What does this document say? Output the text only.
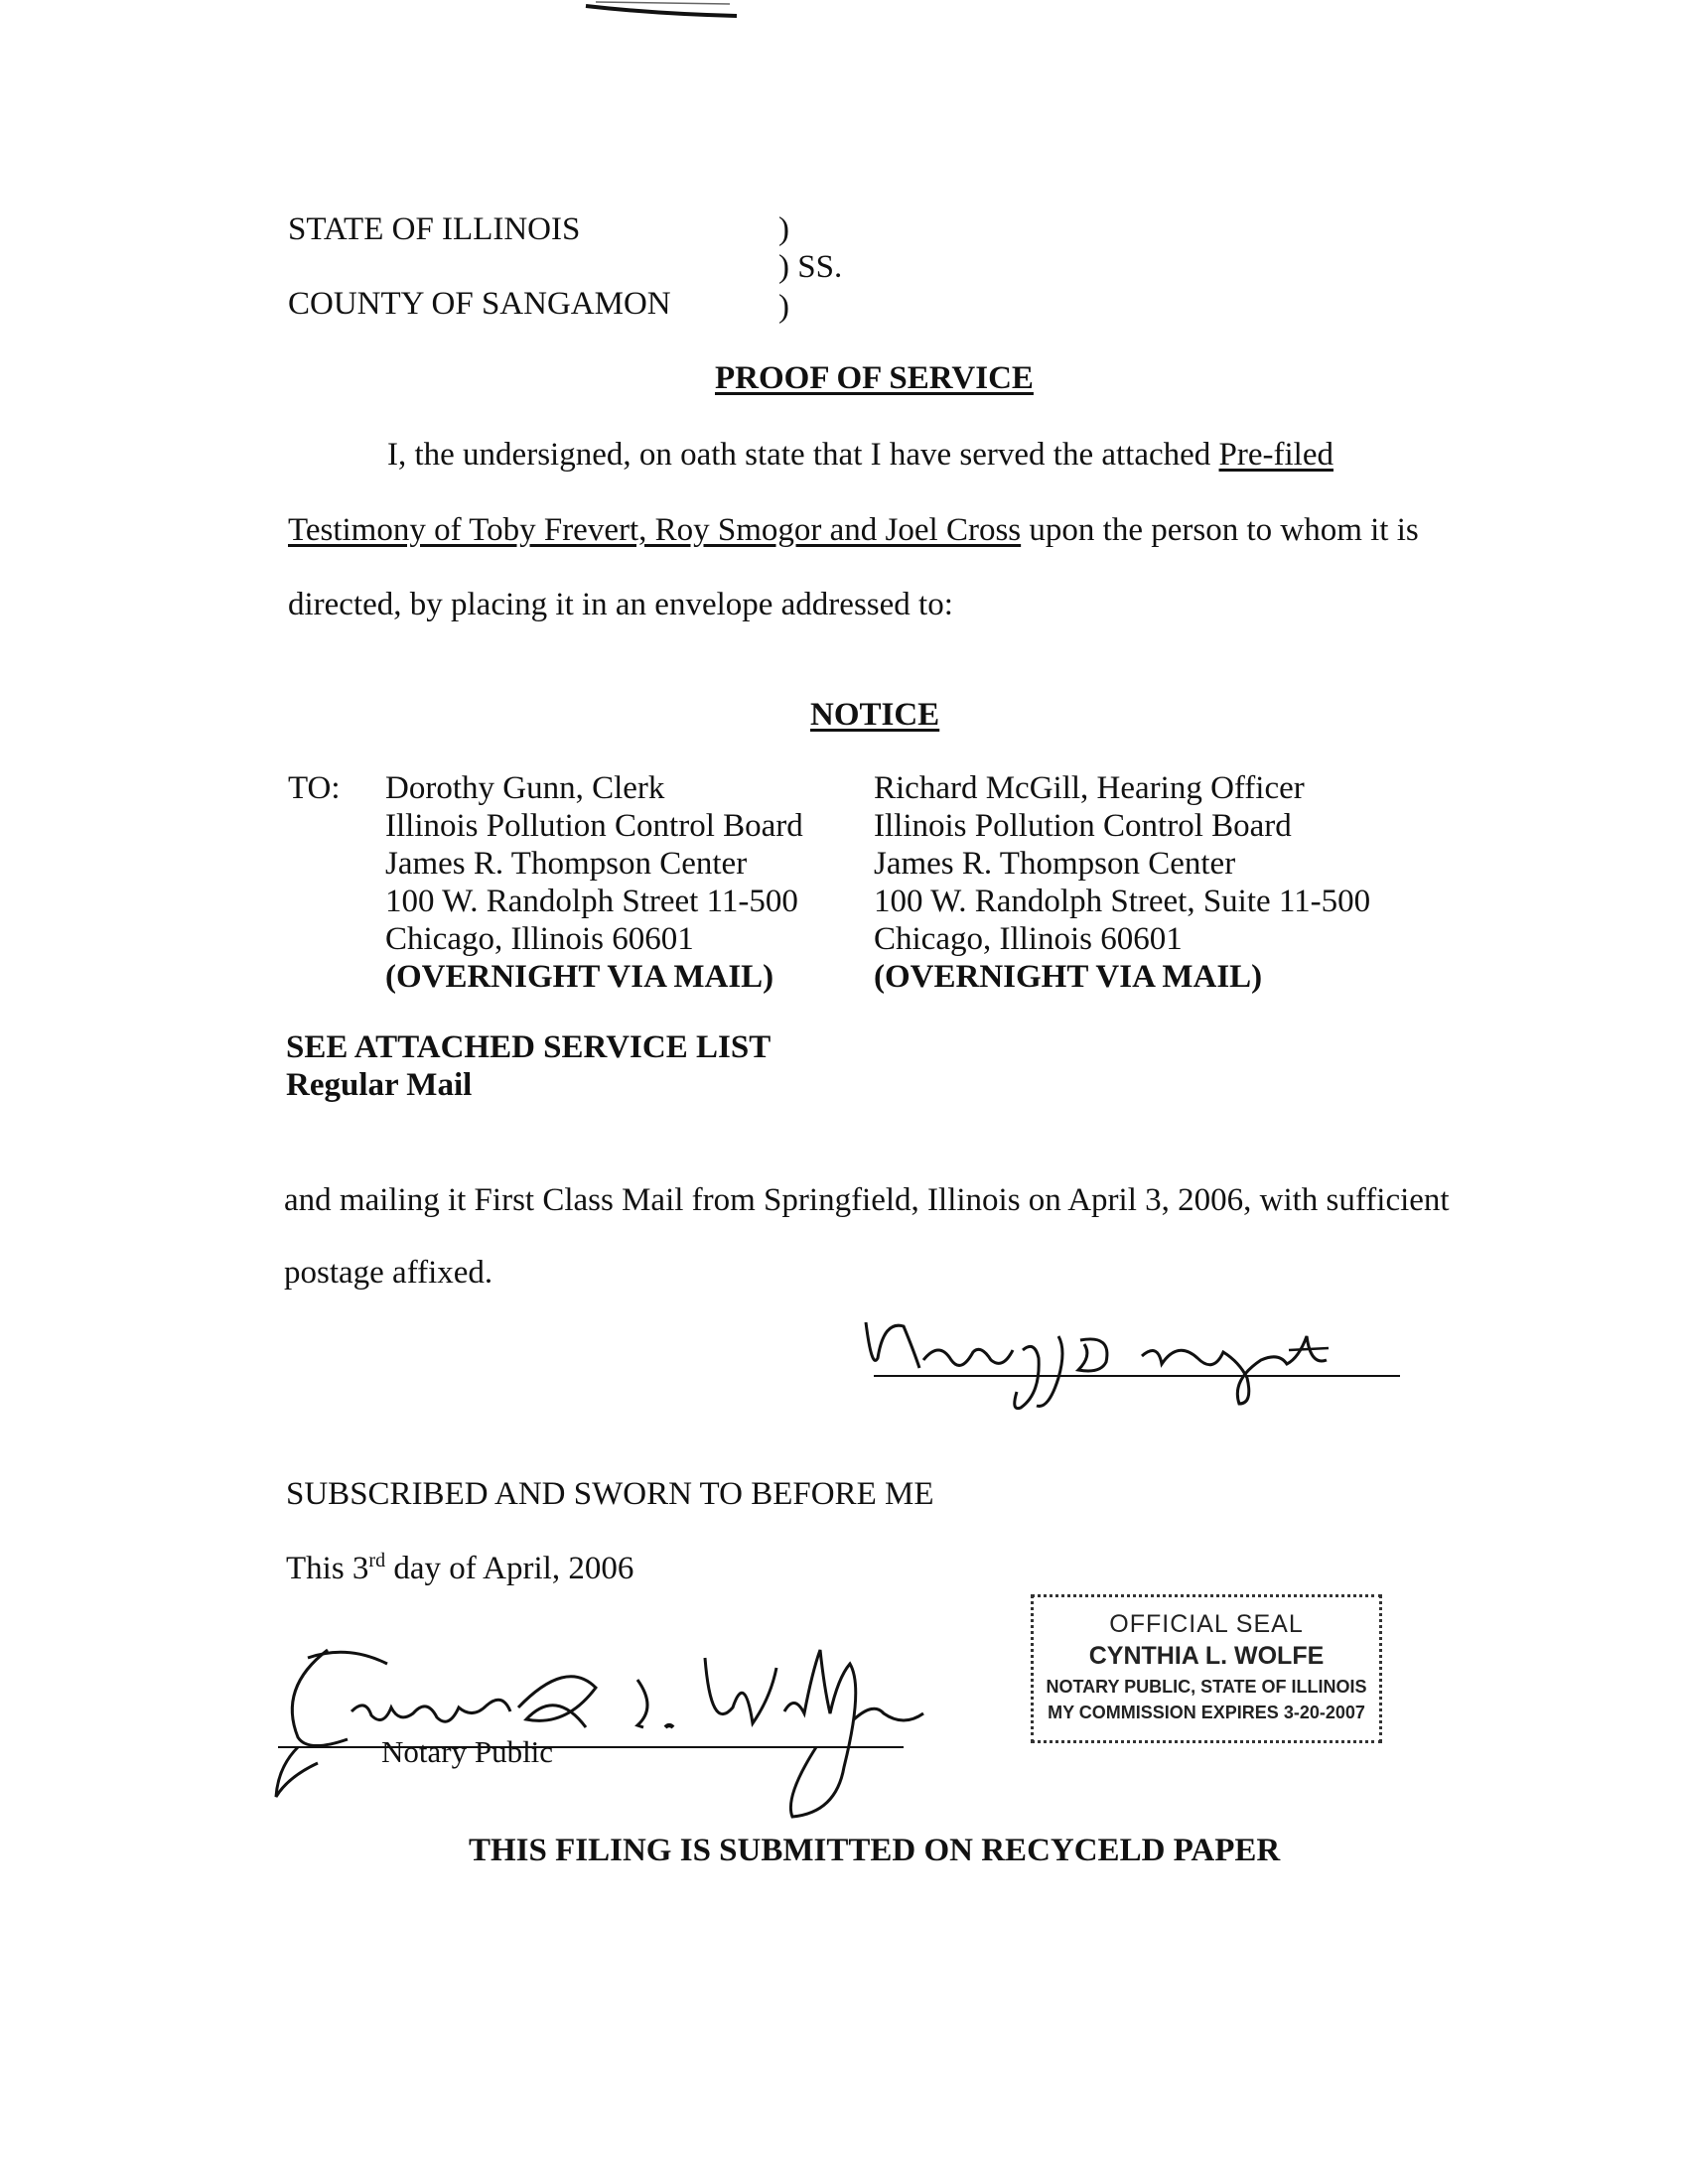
STATE OF ILLINOIS
COUNTY OF SANGAMON
)
) SS.
)
PROOF OF SERVICE
I, the undersigned, on oath state that I have served the attached Pre-filed
Testimony of Toby Frevert, Roy Smogor and Joel Cross upon the person to whom it is
directed, by placing it in an envelope addressed to:
NOTICE
TO: Dorothy Gunn, Clerk
Illinois Pollution Control Board
James R. Thompson Center
100 W. Randolph Street 11-500
Chicago, Illinois 60601
(OVERNIGHT VIA MAIL)
Richard McGill, Hearing Officer
Illinois Pollution Control Board
James R. Thompson Center
100 W. Randolph Street, Suite 11-500
Chicago, Illinois 60601
(OVERNIGHT VIA MAIL)
SEE ATTACHED SERVICE LIST
Regular Mail
and mailing it First Class Mail from Springfield, Illinois on April 3, 2006, with sufficient
postage affixed.
SUBSCRIBED AND SWORN TO BEFORE ME
This 3rd day of April, 2006
Notary Public
OFFICIAL SEAL
CYNTHIA L. WOLFE
NOTARY PUBLIC, STATE OF ILLINOIS
MY COMMISSION EXPIRES 3-20-2007
THIS FILING IS SUBMITTED ON RECYCELD PAPER
